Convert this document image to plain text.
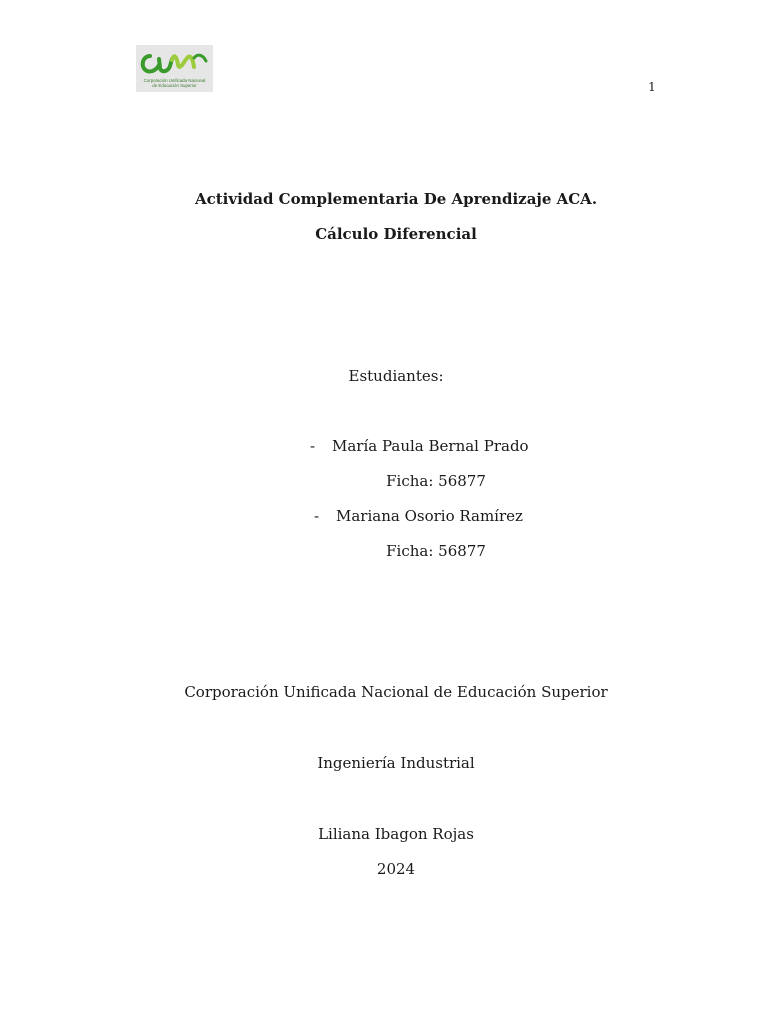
Corporación Unificada Nacional
de Educación Superior	1
Actividad Complementaria De Aprendizaje ACA.
Cálculo Diferencial
Estudiantes:
- María Paula Bernal Prado
Ficha: 56877
- Mariana Osorio Ramírez
Ficha: 56877
Corporación Unificada Nacional de Educación Superior
Ingeniería Industrial
Liliana Ibagon Rojas
2024
